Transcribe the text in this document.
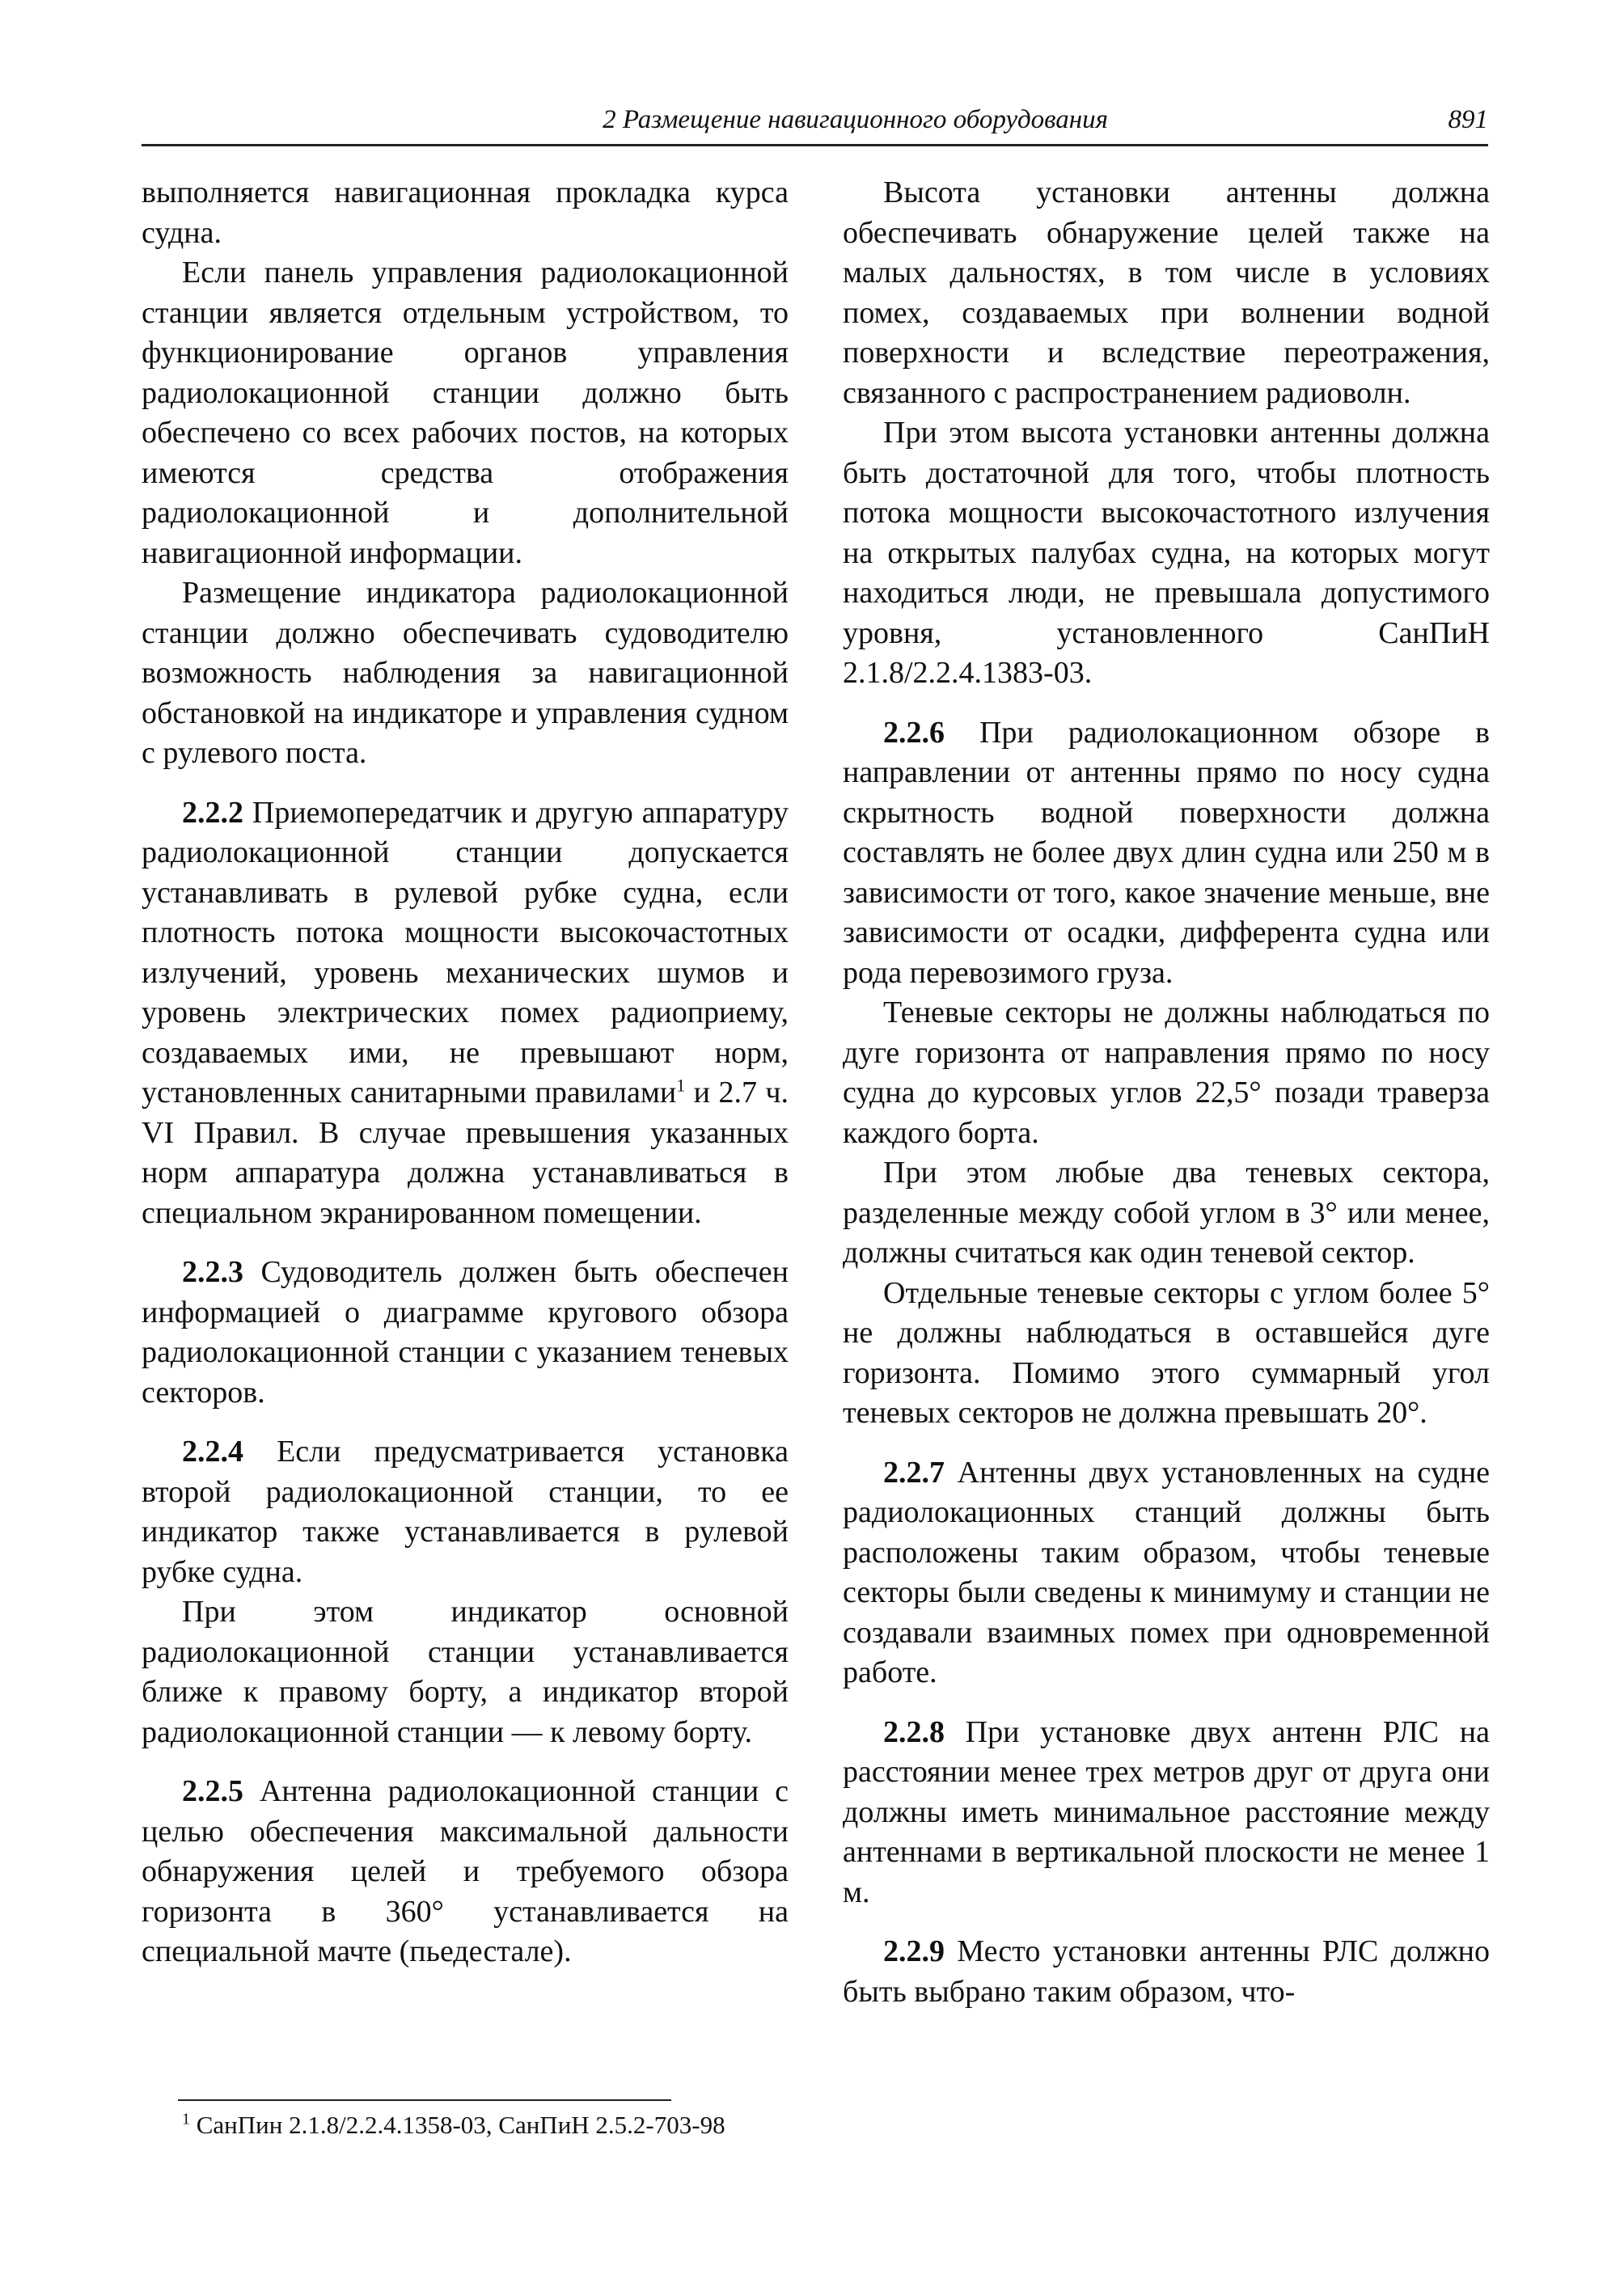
2 Размещение навигационного оборудования	891

выполняется навигационная прокладка курса судна.

Если панель управления радиолокационной станции является отдельным устройством, то функционирование органов управления радиолокационной станции должно быть обеспечено со всех рабочих постов, на которых имеются средства отображения радиолокационной и дополнительной навигационной информации.

Размещение индикатора радиолокационной станции должно обеспечивать судоводителю возможность наблюдения за навигационной обстановкой на индикаторе и управления судном с рулевого поста.

2.2.2 Приемопередатчик и другую аппаратуру радиолокационной станции допускается устанавливать в рулевой рубке судна, если плотность потока мощности высокочастотных излучений, уровень механических шумов и уровень электрических помех радиоприему, создаваемых ими, не превышают норм, установленных санитарными правилами$^1$ и 2.7 ч. VI Правил. В случае превышения указанных норм аппаратура должна устанавливаться в специальном экранированном помещении.

2.2.3 Судоводитель должен быть обеспечен информацией о диаграмме кругового обзора радиолокационной станции с указанием теневых секторов.

2.2.4 Если предусматривается установка второй радиолокационной станции, то ее индикатор также устанавливается в рулевой рубке судна.

При этом индикатор основной радиолокационной станции устанавливается ближе к правому борту, а индикатор второй радиолокационной станции — к левому борту.

2.2.5 Антенна радиолокационной станции с целью обеспечения максимальной дальности обнаружения целей и требуемого обзора горизонта в 360° устанавливается на специальной мачте (пьедестале).

Высота установки антенны должна обеспечивать обнаружение целей также на малых дальностях, в том числе в условиях помех, создаваемых при волнении водной поверхности и вследствие переотражения, связанного с распространением радиоволн.

При этом высота установки антенны должна быть достаточной для того, чтобы плотность потока мощности высокочастотного излучения на открытых палубах судна, на которых могут находиться люди, не превышала допустимого уровня, установленного СанПиН 2.1.8/2.2.4.1383-03.

2.2.6 При радиолокационном обзоре в направлении от антенны прямо по носу судна скрытность водной поверхности должна составлять не более двух длин судна или 250 м в зависимости от того, какое значение меньше, вне зависимости от осадки, дифферента судна или рода перевозимого груза.

Теневые секторы не должны наблюдаться по дуге горизонта от направления прямо по носу судна до курсовых углов 22,5° позади траверза каждого борта.

При этом любые два теневых сектора, разделенные между собой углом в 3° или менее, должны считаться как один теневой сектор.

Отдельные теневые секторы с углом более 5° не должны наблюдаться в оставшейся дуге горизонта. Помимо этого суммарный угол теневых секторов не должна превышать 20°.

2.2.7 Антенны двух установленных на судне радиолокационных станций должны быть расположены таким образом, чтобы теневые секторы были сведены к минимуму и станции не создавали взаимных помех при одновременной работе.

2.2.8 При установке двух антенн РЛС на расстоянии менее трех метров друг от друга они должны иметь минимальное расстояние между антеннами в вертикальной плоскости не менее 1 м.

2.2.9 Место установки антенны РЛС должно быть выбрано таким образом, что-

$^1$ СанПин 2.1.8/2.2.4.1358-03, СанПиН 2.5.2-703-98
